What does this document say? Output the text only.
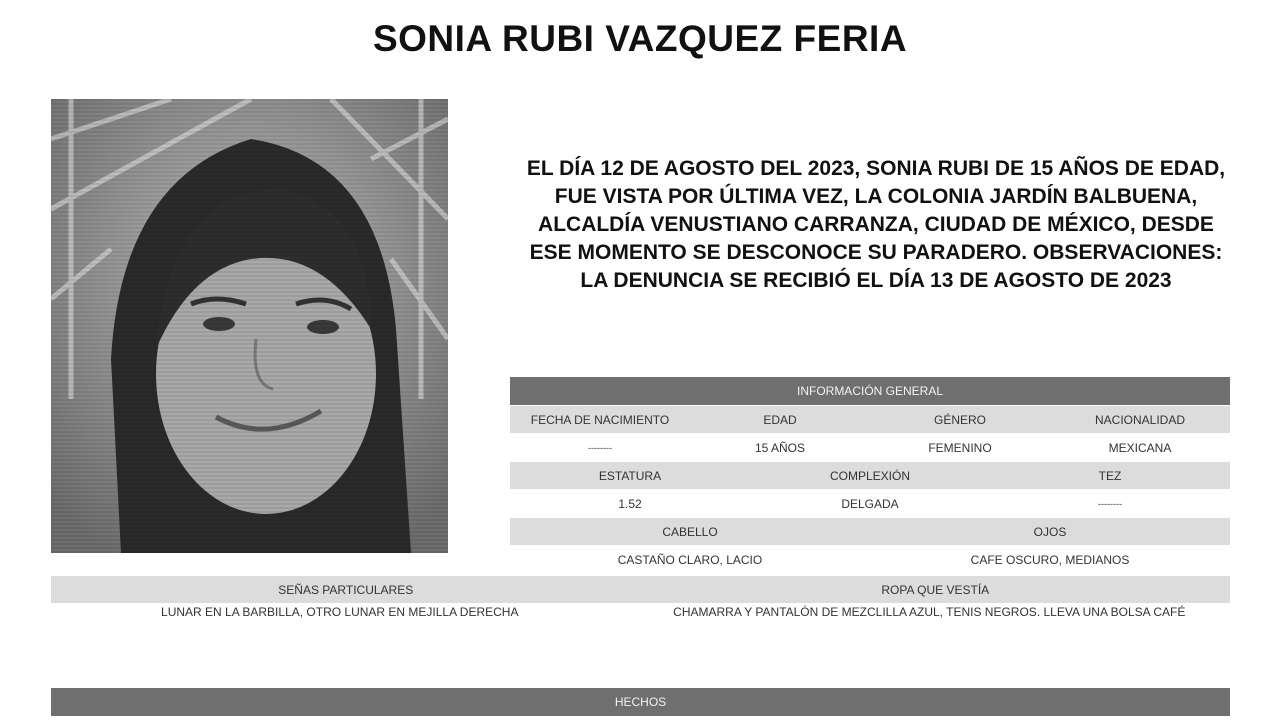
SONIA RUBI VAZQUEZ FERIA
EL DÍA 12 DE AGOSTO DEL 2023, SONIA RUBI DE 15 AÑOS DE EDAD, FUE VISTA POR ÚLTIMA VEZ, LA COLONIA JARDÍN BALBUENA, ALCALDÍA VENUSTIANO CARRANZA, CIUDAD DE MÉXICO, DESDE ESE MOMENTO SE DESCONOCE SU PARADERO. OBSERVACIONES: LA DENUNCIA SE RECIBIÓ EL DÍA 13 DE AGOSTO DE 2023
INFORMACIÓN GENERAL
FECHA DE NACIMIENTO	EDAD	GÉNERO	NACIONALIDAD
--------	15 AÑOS	FEMENINO	MEXICANA
ESTATURA	COMPLEXIÓN	TEZ
1.52	DELGADA	--------
CABELLO	OJOS
CASTAÑO CLARO, LACIO	CAFE OSCURO, MEDIANOS
SEÑAS PARTICULARES	ROPA QUE VESTÍA
LUNAR EN LA BARBILLA, OTRO LUNAR EN MEJILLA DERECHA	CHAMARRA Y PANTALÓN DE MEZCLILLA AZUL, TENIS NEGROS. LLEVA UNA BOLSA CAFÉ
HECHOS
